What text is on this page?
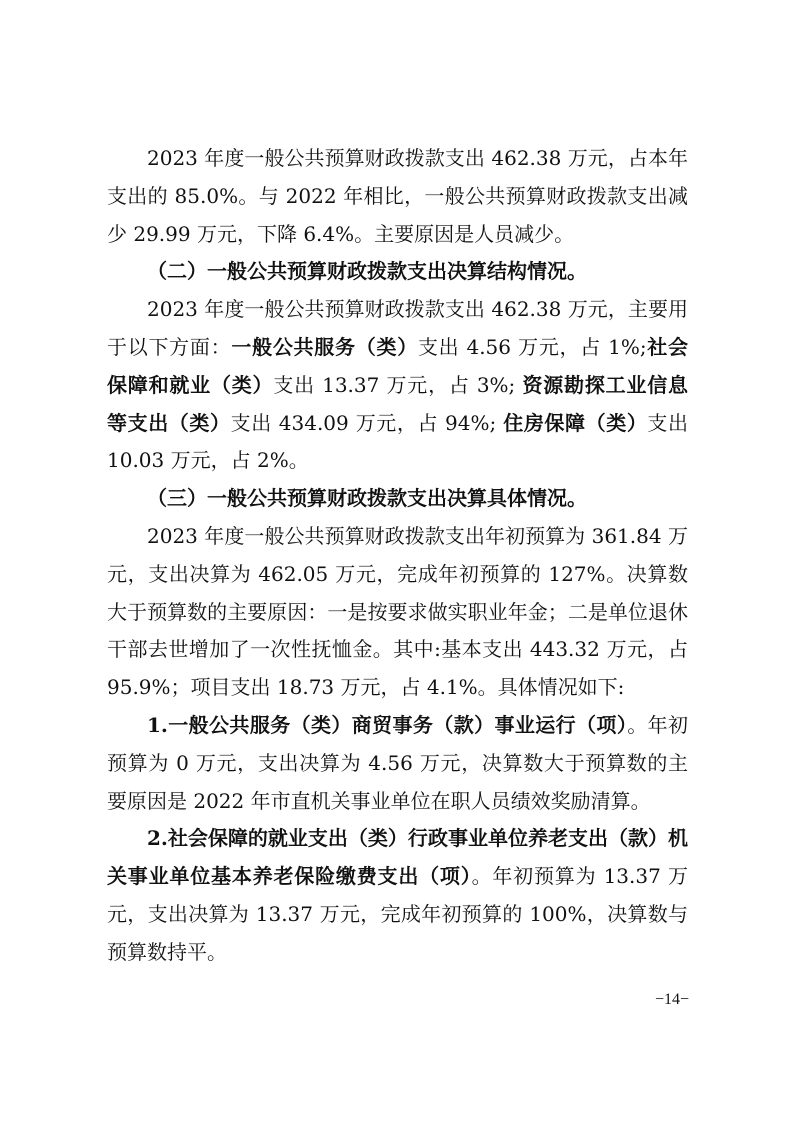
2023 年度一般公共预算财政拨款支出 462.38 万元，占本年支出的 85.0%。与 2022 年相比，一般公共预算财政拨款支出减少 29.99 万元，下降 6.4%。主要原因是人员减少。

（二）一般公共预算财政拨款支出决算结构情况。

2023 年度一般公共预算财政拨款支出 462.38 万元，主要用于以下方面：一般公共服务（类）支出 4.56 万元，占 1%;社会保障和就业（类）支出 13.37 万元，占 3%; 资源勘探工业信息等支出（类）支出 434.09 万元，占 94%; 住房保障（类）支出 10.03 万元，占 2%。

（三）一般公共预算财政拨款支出决算具体情况。

2023 年度一般公共预算财政拨款支出年初预算为 361.84 万元，支出决算为 462.05 万元，完成年初预算的 127%。决算数大于预算数的主要原因：一是按要求做实职业年金；二是单位退休干部去世增加了一次性抚恤金。其中:基本支出 443.32 万元，占 95.9%；项目支出 18.73 万元，占 4.1%。具体情况如下:

1.一般公共服务（类）商贸事务（款）事业运行（项）。年初预算为 0 万元，支出决算为 4.56 万元，决算数大于预算数的主要原因是 2022 年市直机关事业单位在职人员绩效奖励清算。

2.社会保障的就业支出（类）行政事业单位养老支出（款）机关事业单位基本养老保险缴费支出（项）。年初预算为 13.37 万元，支出决算为 13.37 万元，完成年初预算的 100%，决算数与预算数持平。

−14−
